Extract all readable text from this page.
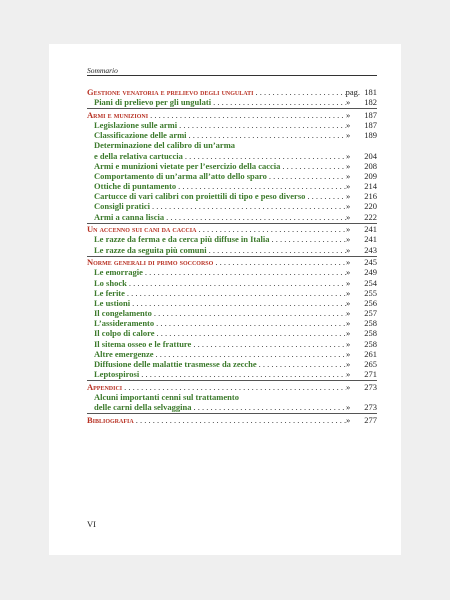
Sommario
Gestione venatoria e prelievo degli ungulati . . .	pag. 181
Piani di prelievo per gli ungulati . . .	»	182
Armi e munizioni . . .	»	187
Legislazione sulle armi . . .	»	187
Classificazione delle armi . . .	»	189
Determinazione del calibro di un’arma
e della relativa cartuccia . . .	»	204
Armi e munizioni vietate per l’esercizio della caccia . . .	»	208
Comportamento di un’arma all’atto dello sparo . . .	»	209
Ottiche di puntamento . . .	»	214
Cartucce di vari calibri con proiettili di tipo e peso diverso . . .	»	216
Consigli pratici . . .	»	220
Armi a canna liscia . . .	»	222
Un accenno sui cani da caccia . . .	»	241
Le razze da ferma e da cerca più diffuse in Italia . . .	»	241
Le razze da seguita più comuni . . .	»	243
Norme generali di primo soccorso . . .	»	245
Le emorragie . . .	»	249
Lo shock . . .	»	254
Le ferite . . .	»	255
Le ustioni . . .	»	256
Il congelamento . . .	»	257
L’assideramento . . .	»	258
Il colpo di calore . . .	»	258
Il sitema osseo e le fratture . . .	»	258
Altre emergenze . . .	»	261
Diffusione delle malattie trasmesse da zecche . . .	»	265
Leptospirosi . . .	»	271
Appendici . . .	»	273
Alcuni importanti cenni sul trattamento
delle carni della selvaggina . . .	»	273
Bibliografia . . .	»	277
VI
